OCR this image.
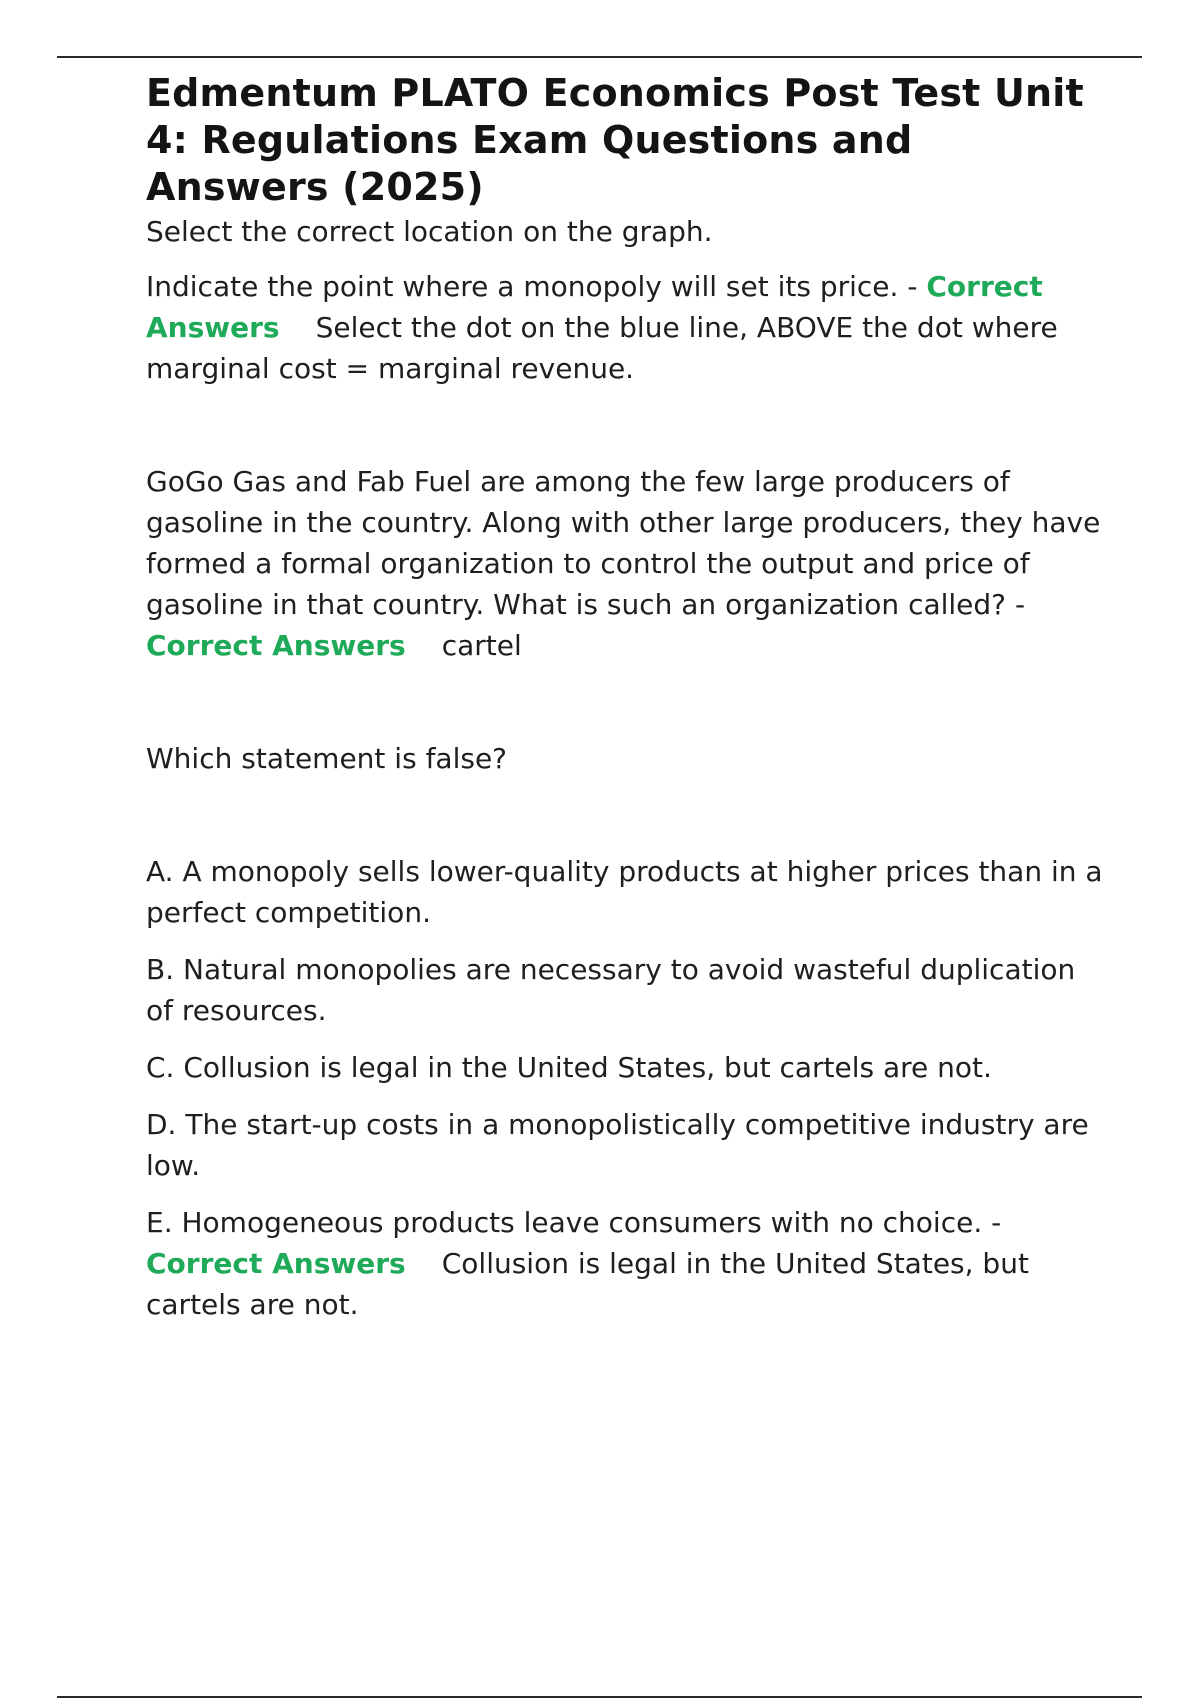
Edmentum PLATO Economics Post Test Unit 4: Regulations Exam Questions and Answers (2025)

Select the correct location on the graph.

Indicate the point where a monopoly will set its price. - Correct Answers Select the dot on the blue line, ABOVE the dot where marginal cost = marginal revenue.

GoGo Gas and Fab Fuel are among the few large producers of gasoline in the country. Along with other large producers, they have formed a formal organization to control the output and price of gasoline in that country. What is such an organization called? - Correct Answers cartel

Which statement is false?

A. A monopoly sells lower-quality products at higher prices than in a perfect competition.

B. Natural monopolies are necessary to avoid wasteful duplication of resources.

C. Collusion is legal in the United States, but cartels are not.

D. The start-up costs in a monopolistically competitive industry are low.

E. Homogeneous products leave consumers with no choice. - Correct Answers Collusion is legal in the United States, but cartels are not.
